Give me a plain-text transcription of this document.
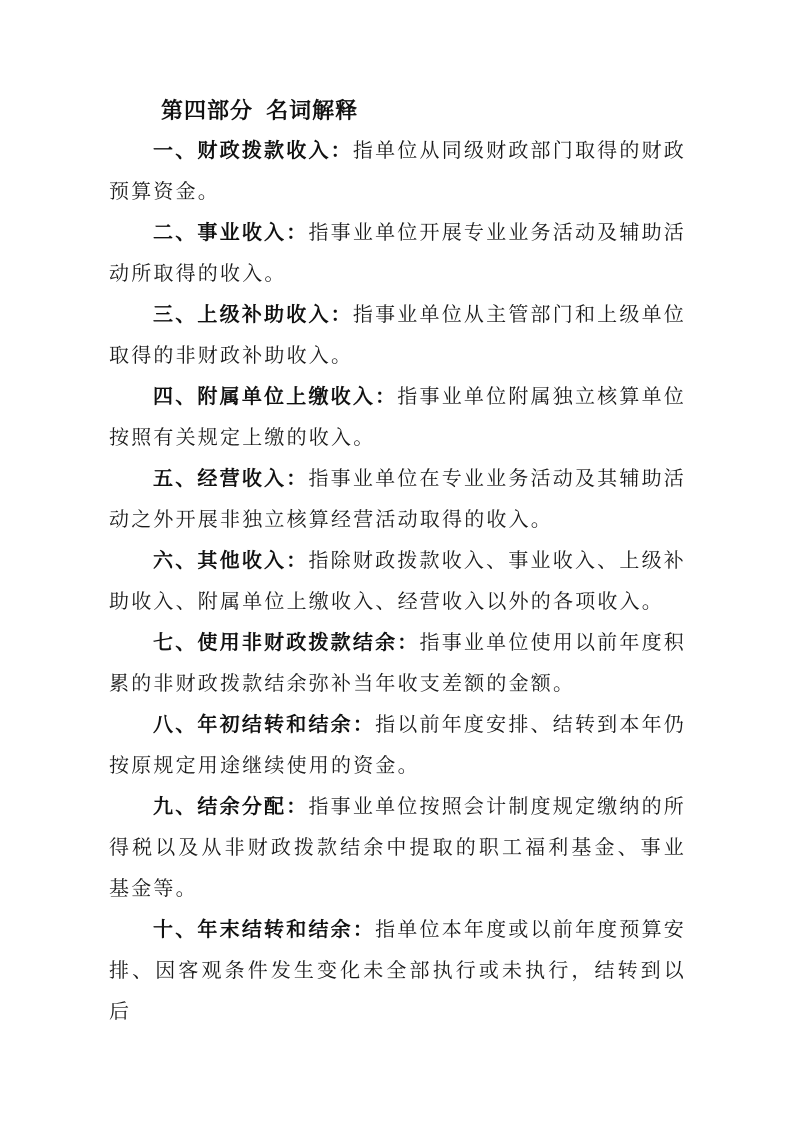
第四部分 名词解释

一、财政拨款收入：指单位从同级财政部门取得的财政预算资金。

二、事业收入：指事业单位开展专业业务活动及辅助活动所取得的收入。

三、上级补助收入：指事业单位从主管部门和上级单位取得的非财政补助收入。

四、附属单位上缴收入：指事业单位附属独立核算单位按照有关规定上缴的收入。

五、经营收入：指事业单位在专业业务活动及其辅助活动之外开展非独立核算经营活动取得的收入。

六、其他收入：指除财政拨款收入、事业收入、上级补助收入、附属单位上缴收入、经营收入以外的各项收入。

七、使用非财政拨款结余：指事业单位使用以前年度积累的非财政拨款结余弥补当年收支差额的金额。

八、年初结转和结余：指以前年度安排、结转到本年仍按原规定用途继续使用的资金。

九、结余分配：指事业单位按照会计制度规定缴纳的所得税以及从非财政拨款结余中提取的职工福利基金、事业基金等。

十、年末结转和结余：指单位本年度或以前年度预算安排、因客观条件发生变化未全部执行或未执行，结转到以后
